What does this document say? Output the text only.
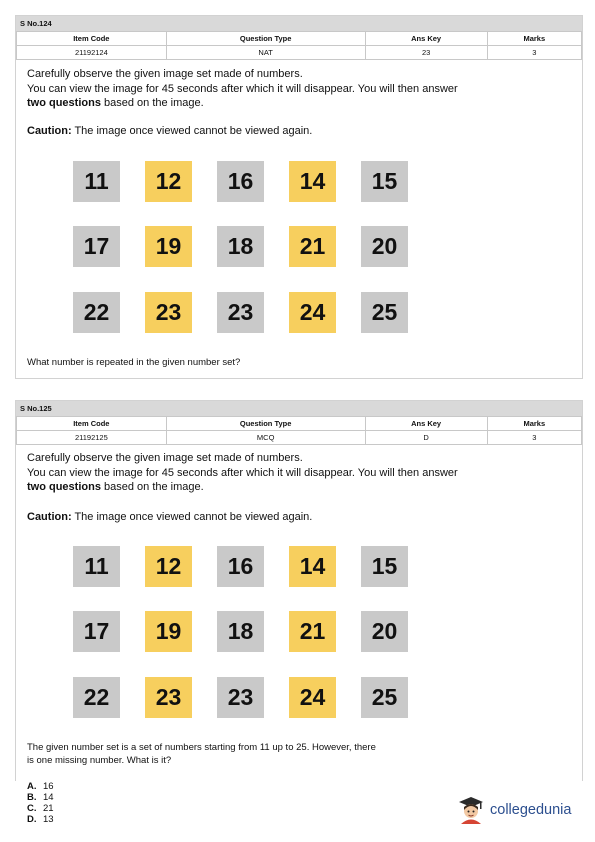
S No.124
Item Code	Question Type	Ans Key	Marks
21192124	NAT	23	3
Carefully observe the given image set made of numbers.
You can view the image for 45 seconds after which it will disappear. You will then answer
two questions based on the image.
Caution: The image once viewed cannot be viewed again.
11	12	16	14	15
17	19	18	21	20
22	23	23	24	25
What number is repeated in the given number set?
S No.125
Item Code	Question Type	Ans Key	Marks
21192125	MCQ	D	3
Carefully observe the given image set made of numbers.
You can view the image for 45 seconds after which it will disappear. You will then answer
two questions based on the image.
Caution: The image once viewed cannot be viewed again.
11	12	16	14	15
17	19	18	21	20
22	23	23	24	25
The given number set is a set of numbers starting from 11 up to 25. However, there
is one missing number. What is it?
A. 16
B. 14
C. 21
D. 13
collegedunia
